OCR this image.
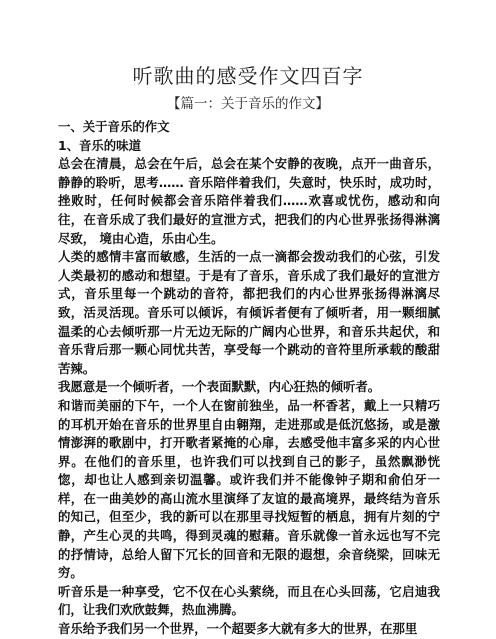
听歌曲的感受作文四百字
【篇一：关于音乐的作文】

一、关于音乐的作文

1、音乐的味道

总会在清晨，总会在午后，总会在某个安静的夜晚，点开一曲音乐，静静的聆听，思考…… 音乐陪伴着我们，失意时，快乐时，成功时，挫败时，任何时候都会音乐陪伴着我们……欢喜或忧伤，感动和向往，在音乐成了我们最好的宣泄方式，把我们的内心世界张扬得淋漓尽致， 境由心造，乐由心生。

人类的感情丰富而敏感，生活的一点一滴都会拨动我们的心弦，引发人类最初的感动和想望。于是有了音乐，音乐成了我们最好的宣泄方式，音乐里每一个跳动的音符，都把我们的内心世界张扬得淋漓尽致，活灵活现。音乐可以倾诉，有倾诉者便有了倾听者，用一颗细腻温柔的心去倾听那一片无边无际的广阔内心世界，和音乐共起伏，和音乐背后那一颗心同忧共苦，享受每一个跳动的音符里所承载的酸甜苦辣。

我愿意是一个倾听者，一个表面默默，内心狂热的倾听者。

和谐而美丽的下午，一个人在窗前独坐，品一杯香茗，戴上一只精巧的耳机开始在音乐的世界里自由翱翔，走进那或是低沉悠扬，或是激情澎湃的歌剧中，打开歌者紧掩的心扉，去感受他丰富多采的内心世界。在他们的音乐里，也许我们可以找到自己的影子，虽然飘渺恍惚，却也让人感到亲切温馨。或许我们并不能像钟子期和俞伯牙一样，在一曲美妙的高山流水里演绎了友谊的最高境界，最终结为音乐的知己，但至少，我的新可以在那里寻找短暂的栖息，拥有片刻的宁静，产生心灵的共鸣，得到灵魂的慰藉。音乐就像一首永远也写不完的抒情诗，总给人留下冗长的回音和无限的遐想，余音绕梁，回味无穷。

听音乐是一种享受，它不仅在心头萦绕，而且在心头回荡，它启迪我们，让我们欢欣鼓舞，热血沸腾。

音乐给予我们另一个世界，一个超要多大就有多大的世界，在那里
